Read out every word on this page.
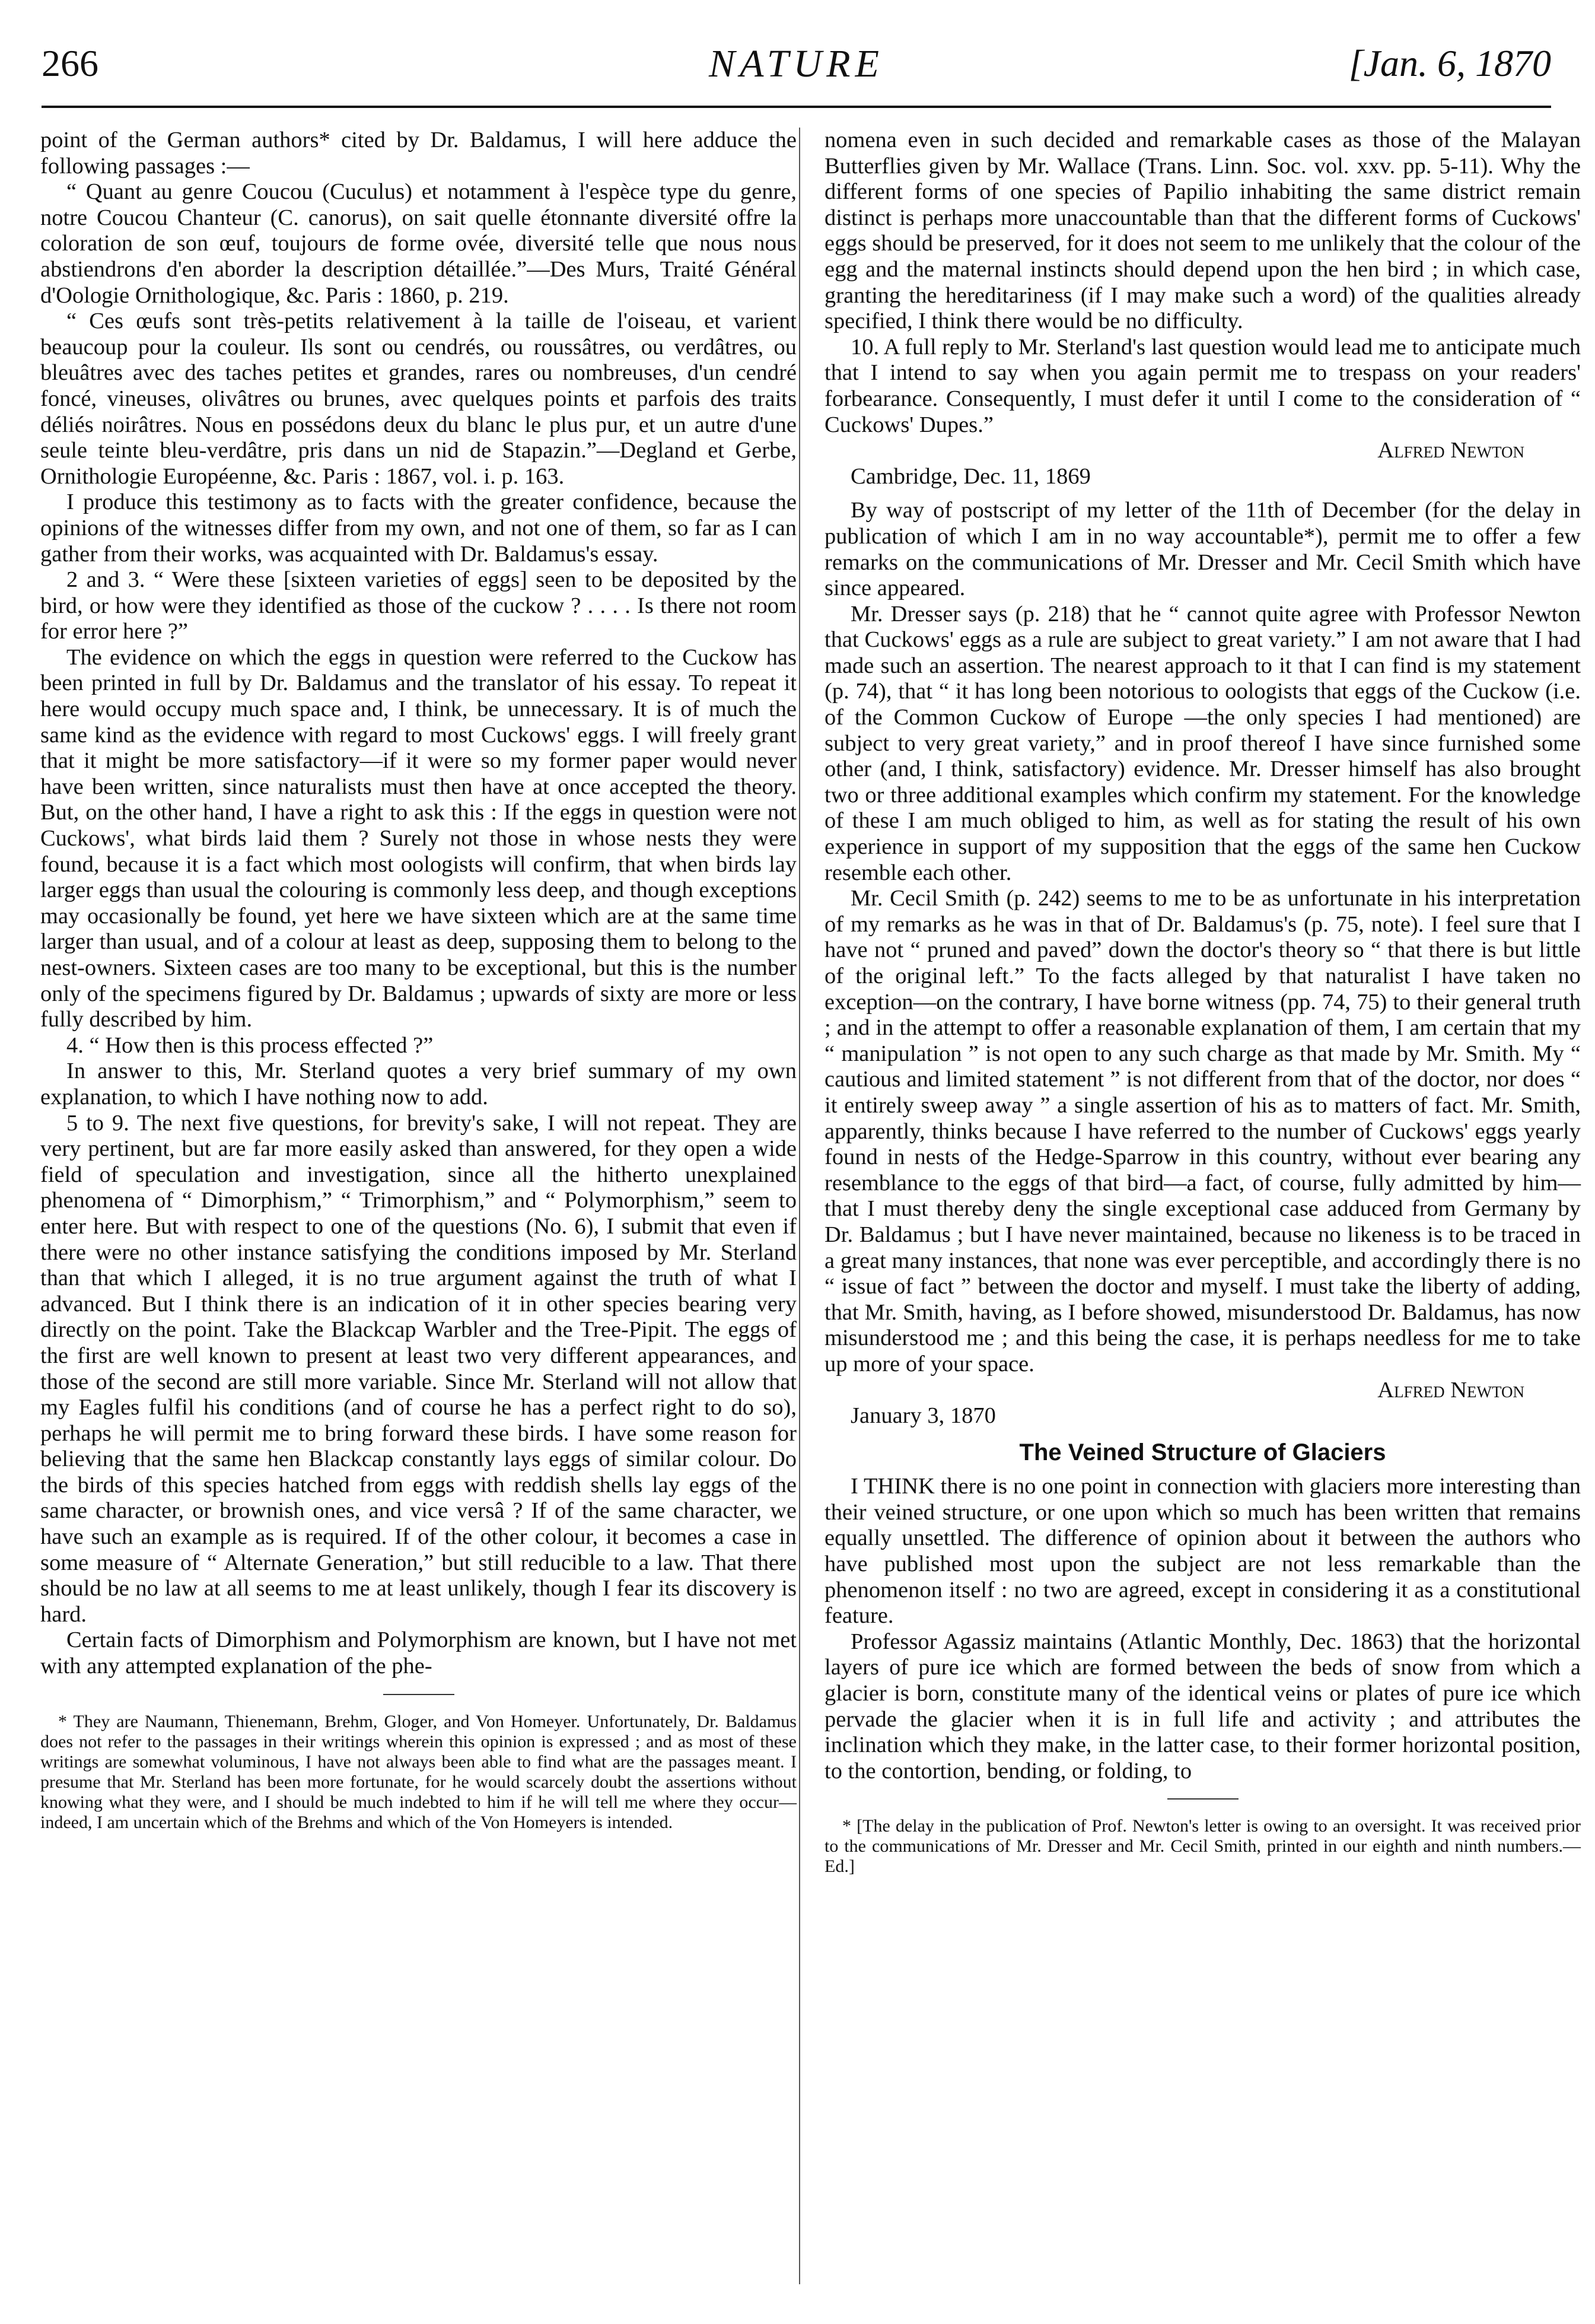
266	NATURE	[Jan. 6, 1870

point of the German authors* cited by Dr. Baldamus, I will here adduce the following passages :—

“ Quant au genre Coucou (Cuculus) et notamment à l'espèce type du genre, notre Coucou Chanteur (C. canorus), on sait quelle étonnante diversité offre la coloration de son œuf, toujours de forme ovée, diversité telle que nous nous abstiendrons d'en aborder la description détaillée.”—Des Murs, Traité Général d'Oologie Ornithologique, &c. Paris : 1860, p. 219.

“ Ces œufs sont très-petits relativement à la taille de l'oiseau, et varient beaucoup pour la couleur. Ils sont ou cendrés, ou roussâtres, ou verdâtres, ou bleuâtres avec des taches petites et grandes, rares ou nombreuses, d'un cendré foncé, vineuses, olivâtres ou brunes, avec quelques points et parfois des traits déliés noirâtres. Nous en possédons deux du blanc le plus pur, et un autre d'une seule teinte bleu-verdâtre, pris dans un nid de Stapazin.”—Degland et Gerbe, Ornithologie Européenne, &c. Paris : 1867, vol. i. p. 163.

I produce this testimony as to facts with the greater confidence, because the opinions of the witnesses differ from my own, and not one of them, so far as I can gather from their works, was acquainted with Dr. Baldamus's essay.

2 and 3. “ Were these [sixteen varieties of eggs] seen to be deposited by the bird, or how were they identified as those of the cuckow ? . . . . Is there not room for error here ?”

The evidence on which the eggs in question were referred to the Cuckow has been printed in full by Dr. Baldamus and the translator of his essay. To repeat it here would occupy much space and, I think, be unnecessary. It is of much the same kind as the evidence with regard to most Cuckows' eggs. I will freely grant that it might be more satisfactory—if it were so my former paper would never have been written, since naturalists must then have at once accepted the theory. But, on the other hand, I have a right to ask this : If the eggs in question were not Cuckows', what birds laid them ? Surely not those in whose nests they were found, because it is a fact which most oologists will confirm, that when birds lay larger eggs than usual the colouring is commonly less deep, and though exceptions may occasionally be found, yet here we have sixteen which are at the same time larger than usual, and of a colour at least as deep, supposing them to belong to the nest-owners. Sixteen cases are too many to be exceptional, but this is the number only of the specimens figured by Dr. Baldamus ; upwards of sixty are more or less fully described by him.

4. “ How then is this process effected ?”

In answer to this, Mr. Sterland quotes a very brief summary of my own explanation, to which I have nothing now to add.

5 to 9. The next five questions, for brevity's sake, I will not repeat. They are very pertinent, but are far more easily asked than answered, for they open a wide field of speculation and investigation, since all the hitherto unexplained phenomena of “ Dimorphism,” “ Trimorphism,” and “ Polymorphism,” seem to enter here. But with respect to one of the questions (No. 6), I submit that even if there were no other instance satisfying the conditions imposed by Mr. Sterland than that which I alleged, it is no true argument against the truth of what I advanced. But I think there is an indication of it in other species bearing very directly on the point. Take the Blackcap Warbler and the Tree-Pipit. The eggs of the first are well known to present at least two very different appearances, and those of the second are still more variable. Since Mr. Sterland will not allow that my Eagles fulfil his conditions (and of course he has a perfect right to do so), perhaps he will permit me to bring forward these birds. I have some reason for believing that the same hen Blackcap constantly lays eggs of similar colour. Do the birds of this species hatched from eggs with reddish shells lay eggs of the same character, or brownish ones, and vice versâ ? If of the same character, we have such an example as is required. If of the other colour, it becomes a case in some measure of “ Alternate Generation,” but still reducible to a law. That there should be no law at all seems to me at least unlikely, though I fear its discovery is hard.

Certain facts of Dimorphism and Polymorphism are known, but I have not met with any attempted explanation of the phe-

* They are Naumann, Thienemann, Brehm, Gloger, and Von Homeyer. Unfortunately, Dr. Baldamus does not refer to the passages in their writings wherein this opinion is expressed ; and as most of these writings are somewhat voluminous, I have not always been able to find what are the passages meant. I presume that Mr. Sterland has been more fortunate, for he would scarcely doubt the assertions without knowing what they were, and I should be much indebted to him if he will tell me where they occur—indeed, I am uncertain which of the Brehms and which of the Von Homeyers is intended.

nomena even in such decided and remarkable cases as those of the Malayan Butterflies given by Mr. Wallace (Trans. Linn. Soc. vol. xxv. pp. 5-11). Why the different forms of one species of Papilio inhabiting the same district remain distinct is perhaps more unaccountable than that the different forms of Cuckows' eggs should be preserved, for it does not seem to me unlikely that the colour of the egg and the maternal instincts should depend upon the hen bird ; in which case, granting the hereditariness (if I may make such a word) of the qualities already specified, I think there would be no difficulty.

10. A full reply to Mr. Sterland's last question would lead me to anticipate much that I intend to say when you again permit me to trespass on your readers' forbearance. Consequently, I must defer it until I come to the consideration of “ Cuckows' Dupes.”

Alfred Newton

Cambridge, Dec. 11, 1869

By way of postscript of my letter of the 11th of December (for the delay in publication of which I am in no way accountable*), permit me to offer a few remarks on the communications of Mr. Dresser and Mr. Cecil Smith which have since appeared.

Mr. Dresser says (p. 218) that he “ cannot quite agree with Professor Newton that Cuckows' eggs as a rule are subject to great variety.” I am not aware that I had made such an assertion. The nearest approach to it that I can find is my statement (p. 74), that “ it has long been notorious to oologists that eggs of the Cuckow (i.e. of the Common Cuckow of Europe —the only species I had mentioned) are subject to very great variety,” and in proof thereof I have since furnished some other (and, I think, satisfactory) evidence. Mr. Dresser himself has also brought two or three additional examples which confirm my statement. For the knowledge of these I am much obliged to him, as well as for stating the result of his own experience in support of my supposition that the eggs of the same hen Cuckow resemble each other.

Mr. Cecil Smith (p. 242) seems to me to be as unfortunate in his interpretation of my remarks as he was in that of Dr. Baldamus's (p. 75, note). I feel sure that I have not “ pruned and paved” down the doctor's theory so “ that there is but little of the original left.” To the facts alleged by that naturalist I have taken no exception—on the contrary, I have borne witness (pp. 74, 75) to their general truth ; and in the attempt to offer a reasonable explanation of them, I am certain that my “ manipulation ” is not open to any such charge as that made by Mr. Smith. My “ cautious and limited statement ” is not different from that of the doctor, nor does “ it entirely sweep away ” a single assertion of his as to matters of fact. Mr. Smith, apparently, thinks because I have referred to the number of Cuckows' eggs yearly found in nests of the Hedge-Sparrow in this country, without ever bearing any resemblance to the eggs of that bird—a fact, of course, fully admitted by him—that I must thereby deny the single exceptional case adduced from Germany by Dr. Baldamus ; but I have never maintained, because no likeness is to be traced in a great many instances, that none was ever perceptible, and accordingly there is no “ issue of fact ” between the doctor and myself. I must take the liberty of adding, that Mr. Smith, having, as I before showed, misunderstood Dr. Baldamus, has now misunderstood me ; and this being the case, it is perhaps needless for me to take up more of your space.

Alfred Newton

January 3, 1870

The Veined Structure of Glaciers

I THINK there is no one point in connection with glaciers more interesting than their veined structure, or one upon which so much has been written that remains equally unsettled. The difference of opinion about it between the authors who have published most upon the subject are not less remarkable than the phenomenon itself : no two are agreed, except in considering it as a constitutional feature.

Professor Agassiz maintains (Atlantic Monthly, Dec. 1863) that the horizontal layers of pure ice which are formed between the beds of snow from which a glacier is born, constitute many of the identical veins or plates of pure ice which pervade the glacier when it is in full life and activity ; and attributes the inclination which they make, in the latter case, to their former horizontal position, to the contortion, bending, or folding, to

* [The delay in the publication of Prof. Newton's letter is owing to an oversight. It was received prior to the communications of Mr. Dresser and Mr. Cecil Smith, printed in our eighth and ninth numbers.—Ed.]
